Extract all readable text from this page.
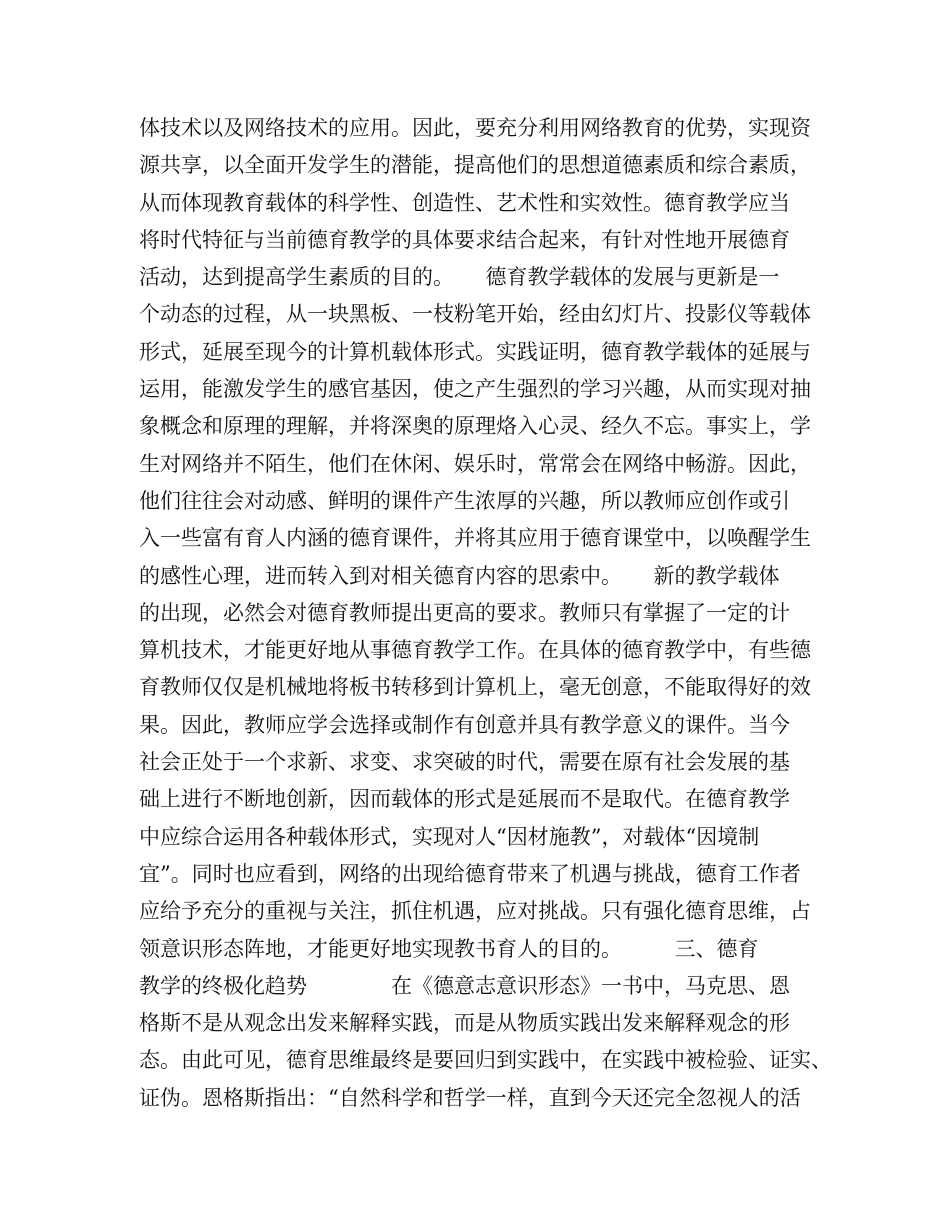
体技术以及网络技术的应用。因此，要充分利用网络教育的优势，实现资
源共享，以全面开发学生的潜能，提高他们的思想道德素质和综合素质，
从而体现教育载体的科学性、创造性、艺术性和实效性。德育教学应当
将时代特征与当前德育教学的具体要求结合起来，有针对性地开展德育
活动，达到提高学生素质的目的。　　德育教学载体的发展与更新是一
个动态的过程，从一块黑板、一枝粉笔开始，经由幻灯片、投影仪等载体
形式，延展至现今的计算机载体形式。实践证明，德育教学载体的延展与
运用，能激发学生的感官基因，使之产生强烈的学习兴趣，从而实现对抽
象概念和原理的理解，并将深奥的原理烙入心灵、经久不忘。事实上，学
生对网络并不陌生，他们在休闲、娱乐时，常常会在网络中畅游。因此，
他们往往会对动感、鲜明的课件产生浓厚的兴趣，所以教师应创作或引
入一些富有育人内涵的德育课件，并将其应用于德育课堂中，以唤醒学生
的感性心理，进而转入到对相关德育内容的思索中。　　新的教学载体
的出现，必然会对德育教师提出更高的要求。教师只有掌握了一定的计
算机技术，才能更好地从事德育教学工作。在具体的德育教学中，有些德
育教师仅仅是机械地将板书转移到计算机上，毫无创意，不能取得好的效
果。因此，教师应学会选择或制作有创意并具有教学意义的课件。当今
社会正处于一个求新、求变、求突破的时代，需要在原有社会发展的基
础上进行不断地创新，因而载体的形式是延展而不是取代。在德育教学
中应综合运用各种载体形式，实现对人“因材施教”，对载体“因境制
宜”。同时也应看到，网络的出现给德育带来了机遇与挑战，德育工作者
应给予充分的重视与关注，抓住机遇，应对挑战。只有强化德育思维，占
领意识形态阵地，才能更好地实现教书育人的目的。　　　三、德育
教学的终极化趋势　　　　在《德意志意识形态》一书中，马克思、恩
格斯不是从观念出发来解释实践，而是从物质实践出发来解释观念的形
态。由此可见，德育思维最终是要回归到实践中，在实践中被检验、证实、
证伪。恩格斯指出：“自然科学和哲学一样，直到今天还完全忽视人的活
